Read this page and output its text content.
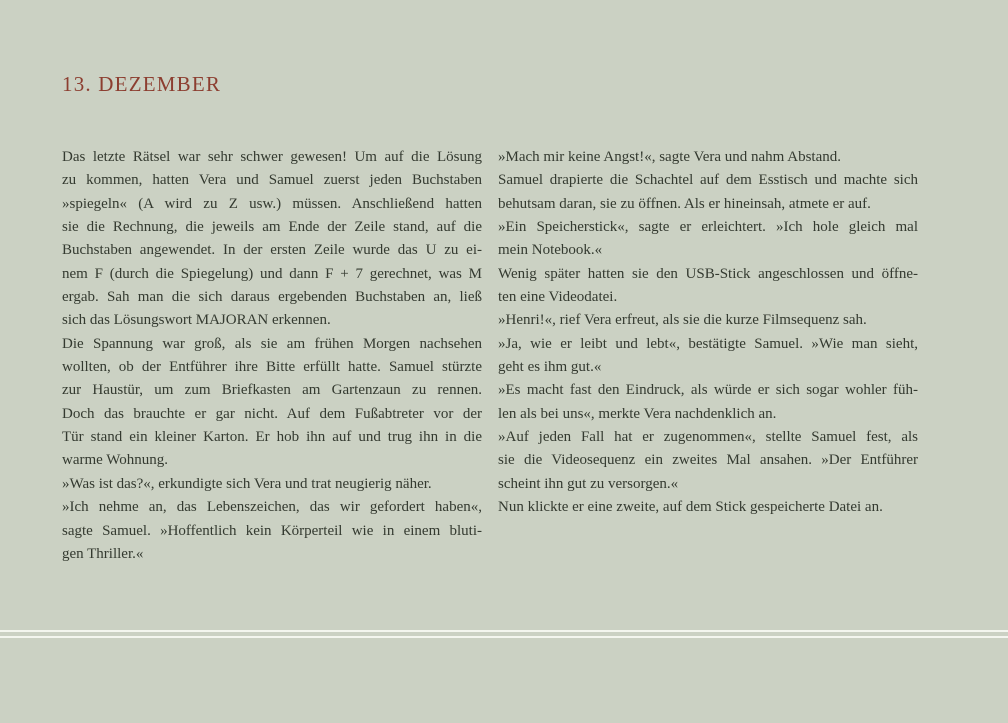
13. DEZEMBER
Das letzte Rätsel war sehr schwer gewesen! Um auf die Lösung
zu kommen, hatten Vera und Samuel zuerst jeden Buchstaben
»spiegeln« (A wird zu Z usw.) müssen. Anschließend hatten
sie die Rechnung, die jeweils am Ende der Zeile stand, auf die
Buchstaben angewendet. In der ersten Zeile wurde das U zu ei-
nem F (durch die Spiegelung) und dann F + 7 gerechnet, was M
ergab. Sah man die sich daraus ergebenden Buchstaben an, ließ
sich das Lösungswort MAJORAN erkennen.
Die Spannung war groß, als sie am frühen Morgen nachsehen
wollten, ob der Entführer ihre Bitte erfüllt hatte. Samuel stürzte
zur Haustür, um zum Briefkasten am Gartenzaun zu rennen.
Doch das brauchte er gar nicht. Auf dem Fußabtreter vor der
Tür stand ein kleiner Karton. Er hob ihn auf und trug ihn in die
warme Wohnung.
»Was ist das?«, erkundigte sich Vera und trat neugierig näher.
»Ich nehme an, das Lebenszeichen, das wir gefordert haben«,
sagte Samuel. »Hoffentlich kein Körperteil wie in einem bluti-
gen Thriller.«
»Mach mir keine Angst!«, sagte Vera und nahm Abstand.
Samuel drapierte die Schachtel auf dem Esstisch und machte sich
behutsam daran, sie zu öffnen. Als er hineinsah, atmete er auf.
»Ein Speicherstick«, sagte er erleichtert. »Ich hole gleich mal
mein Notebook.«
Wenig später hatten sie den USB-Stick angeschlossen und öffne-
ten eine Videodatei.
»Henri!«, rief Vera erfreut, als sie die kurze Filmsequenz sah.
»Ja, wie er leibt und lebt«, bestätigte Samuel. »Wie man sieht,
geht es ihm gut.«
»Es macht fast den Eindruck, als würde er sich sogar wohler füh-
len als bei uns«, merkte Vera nachdenklich an.
»Auf jeden Fall hat er zugenommen«, stellte Samuel fest, als
sie die Videosequenz ein zweites Mal ansahen. »Der Entführer
scheint ihn gut zu versorgen.«
Nun klickte er eine zweite, auf dem Stick gespeicherte Datei an.
